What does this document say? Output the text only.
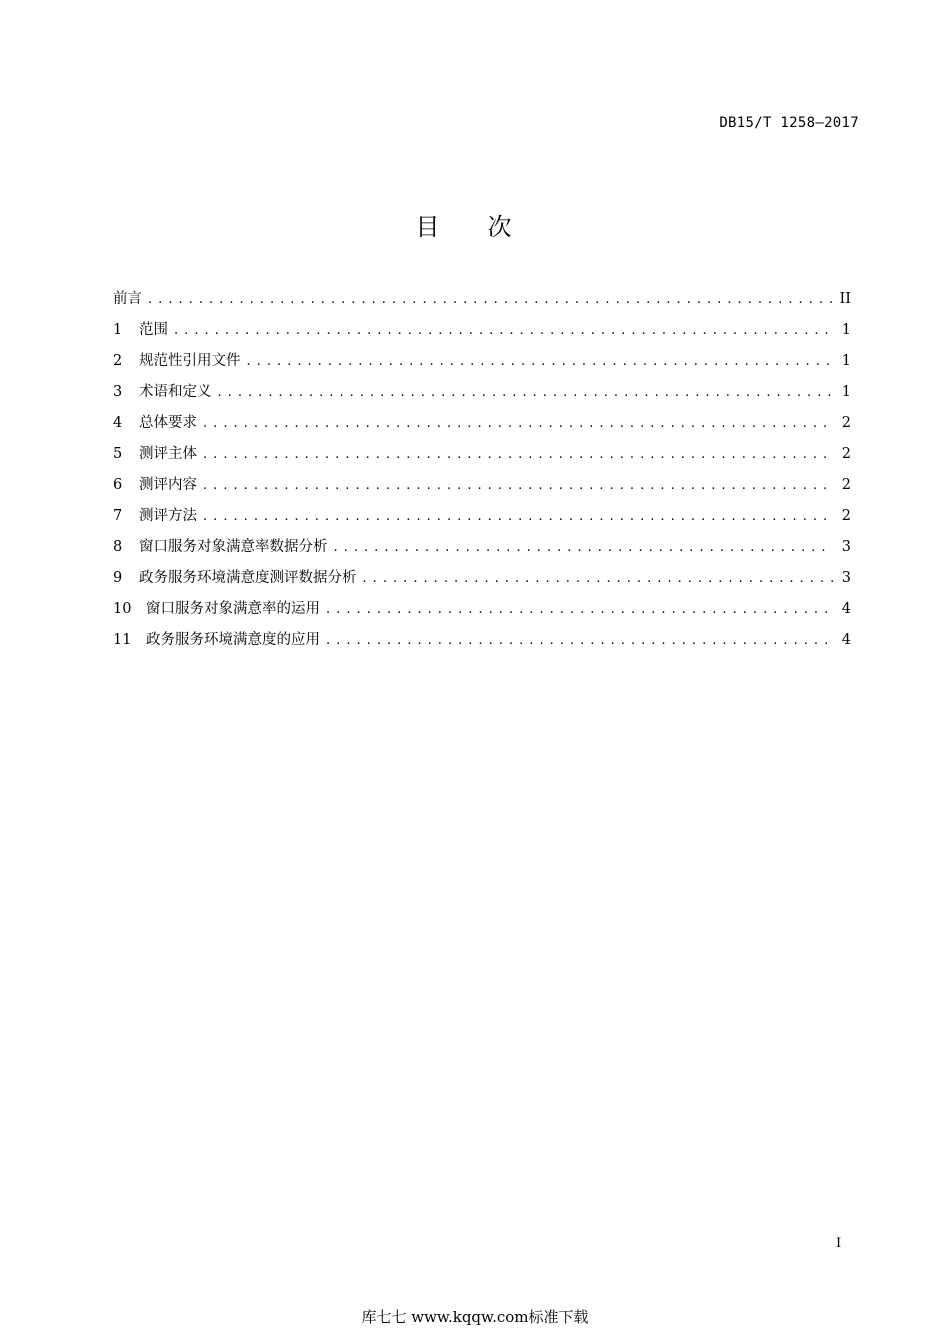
DB15/T 1258—2017
目次
前言 . . .	II
1	范围 . . .	1
2	规范性引用文件 . . .	1
3	术语和定义 . . .	1
4	总体要求 . . .	2
5	测评主体 . . .	2
6	测评内容 . . .	2
7	测评方法 . . .	2
8	窗口服务对象满意率数据分析 . . .	3
9	政务服务环境满意度测评数据分析 . . .	3
10	窗口服务对象满意率的运用 . . .	4
11	政务服务环境满意度的应用 . . .	4
I
库七七 www.kqqw.com标准下载
